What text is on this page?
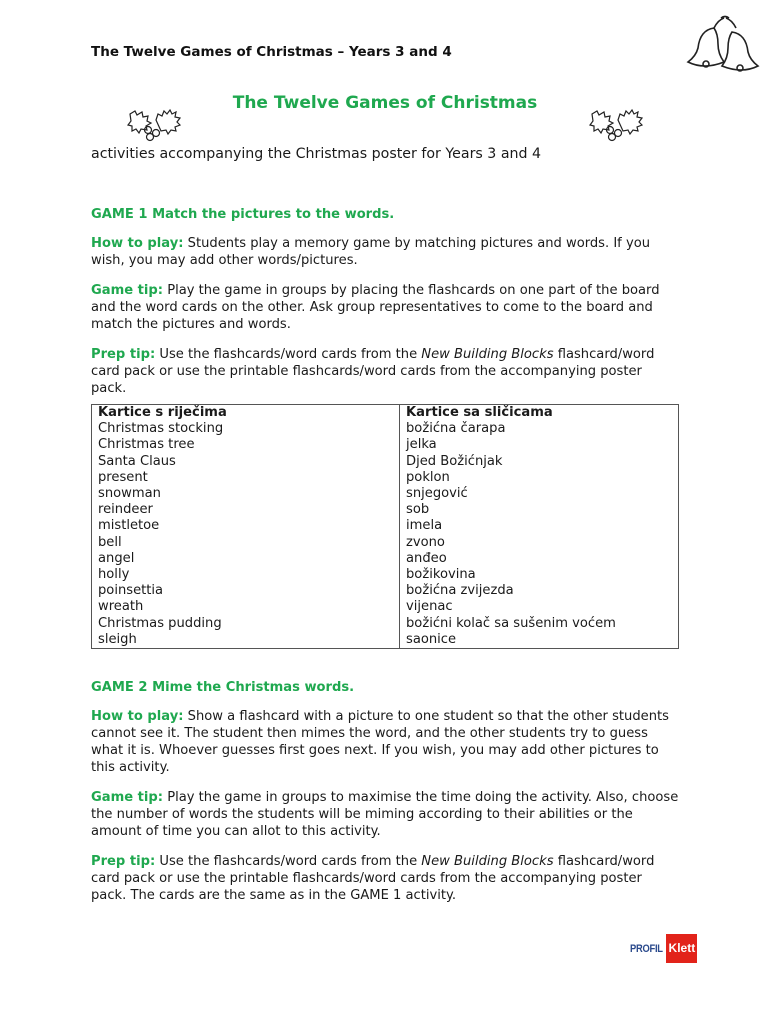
The Twelve Games of Christmas – Years 3 and 4
The Twelve Games of Christmas
activities accompanying the Christmas poster for Years 3 and 4
GAME 1 Match the pictures to the words.

How to play: Students play a memory game by matching pictures and words. If you wish, you may add other words/pictures.

Game tip: Play the game in groups by placing the flashcards on one part of the board and the word cards on the other. Ask group representatives to come to the board and match the pictures and words.

Prep tip: Use the flashcards/word cards from the New Building Blocks flashcard/word card pack or use the printable flashcards/word cards from the accompanying poster pack.

Kartice s riječima	Kartice sa sličicama
Christmas stocking	božićna čarapa
Christmas tree	jelka
Santa Claus	Djed Božićnjak
present	poklon
snowman	snjegović
reindeer	sob
mistletoe	imela
bell	zvono
angel	anđeo
holly	božikovina
poinsettia	božićna zvijezda
wreath	vijenac
Christmas pudding	božićni kolač sa sušenim voćem
sleigh	saonice
GAME 2 Mime the Christmas words.

How to play: Show a flashcard with a picture to one student so that the other students cannot see it. The student then mimes the word, and the other students try to guess what it is. Whoever guesses first goes next. If you wish, you may add other pictures to this activity.

Game tip: Play the game in groups to maximise the time doing the activity. Also, choose the number of words the students will be miming according to their abilities or the amount of time you can allot to this activity.

Prep tip: Use the flashcards/word cards from the New Building Blocks flashcard/word card pack or use the printable flashcards/word cards from the accompanying poster pack. The cards are the same as in the GAME 1 activity.

PROFIL Klett
